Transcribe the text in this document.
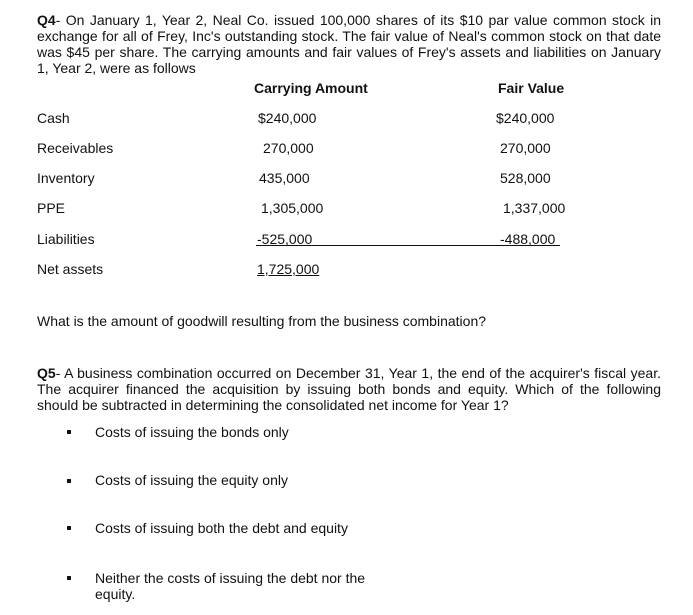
Q4- On January 1, Year 2, Neal Co. issued 100,000 shares of its $10 par value common stock in exchange for all of Frey, Inc's outstanding stock. The fair value of Neal's common stock on that date was $45 per share. The carrying amounts and fair values of Frey's assets and liabilities on January 1, Year 2, were as follows
Carrying Amount	Fair Value
Cash	$240,000	$240,000
Receivables	270,000	270,000
Inventory	435,000	528,000
PPE	1,305,000	1,337,000
Liabilities	-525,000	-488,000
Net assets	1,725,000
What is the amount of goodwill resulting from the business combination?
Q5- A business combination occurred on December 31, Year 1, the end of the acquirer's fiscal year. The acquirer financed the acquisition by issuing both bonds and equity. Which of the following should be subtracted in determining the consolidated net income for Year 1?
Costs of issuing the bonds only
Costs of issuing the equity only
Costs of issuing both the debt and equity
Neither the costs of issuing the debt nor the equity.
